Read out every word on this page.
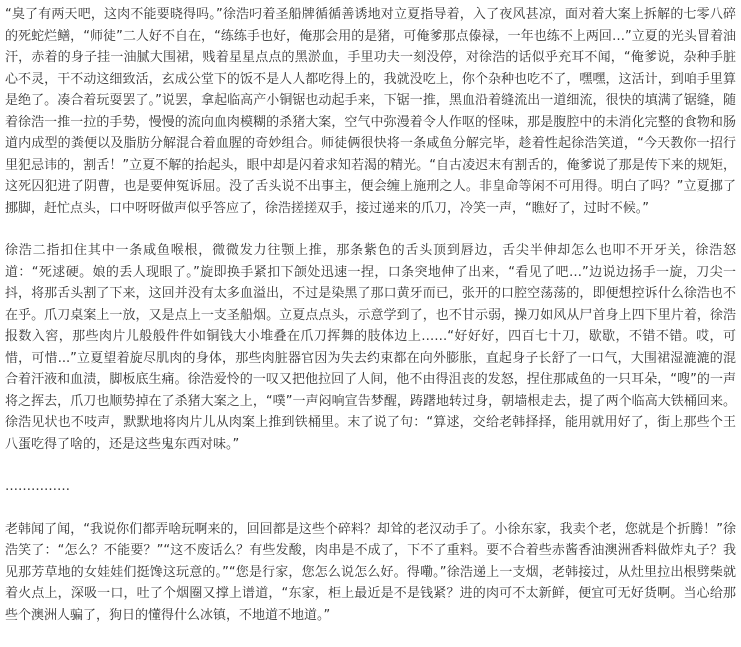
“臭了有两天吧，这肉不能要晓得吗。”徐浩叼着圣船牌循循善诱地对立夏指导着，入了夜风甚凉，面对着大案上拆解的七零八碎的死蛇烂鳝，“师徒”二人好不自在，“练练手也好，俺那会用的是猪，可俺爹那点傣禄，一年也练不上两回…”立夏的光头冒着油汗，赤着的身子挂一油腻大围裙，贱着星星点点的黑淤血，手里功夫一刻没停，对徐浩的话似乎充耳不闻，“俺爹说，杂种手脏心不灵，干不动这细致活，玄成公堂下的饭不是人人都吃得上的，我就没吃上，你个杂种也吃不了，嘿嘿，这活计，到咱手里算是绝了。凑合着玩耍罢了。”说罢，拿起临高产小铜锯也动起手来，下锯一推，黑血沿着缝流出一道细流，很快的填满了锯缝，随着徐浩一推一拉的手势，慢慢的流向血肉模糊的杀猪大案，空气中弥漫着令人作呕的怪味，那是腹腔中的未消化完整的食物和肠道内成型的粪便以及脂肪分解混合着血腥的奇妙组合。师徒俩很快将一条咸鱼分解完毕，趁着性起徐浩笑道，“今天教你一招行里犯忌讳的，割舌！”立夏不解的抬起头，眼中却是闪着求知若渴的精光。“自古凌迟末有割舌的，俺爹说了那是传下来的规矩，这死囚犯进了阴曹，也是要伸冤诉屈。没了舌头说不出事主，便会缠上施刑之人。非皇命等闲不可用得。明白了吗？”立夏挪了挪脚，赶忙点头，口中呀呀做声似乎答应了，徐浩搓搓双手，接过递来的爪刀，冷笑一声，“瞧好了，过时不候。”

徐浩二指扣住其中一条咸鱼喉根，微微发力往颚上推，那条紫色的舌头顶到唇边，舌尖半伸却怎么也叩不开牙关，徐浩怒道：“死逑硬。娘的丢人现眼了。”旋即换手紧扣下颌处迅速一捏，口条突地伸了出来，“看见了吧…”边说边扬手一旋，刀尖一抖，将那舌头割了下来，这回并没有太多血溢出，不过是染黑了那口黄牙而已，张开的口腔空荡荡的，即便想控诉什么徐浩也不在乎。爪刀桌案上一放，又是点上一支圣船烟。立夏点点头，示意学到了，也不甘示弱，操刀如风从尸首身上四下里片着，徐浩报数入窖，那些肉片儿般般件件如铜钱大小堆叠在爪刀挥舞的肢体边上……“好好好，四百七十刀，歇歇，不错不错。哎，可惜，可惜...”立夏望着旋尽肌肉的身体，那些肉脏器官因为失去约束都在向外膨胀，直起身子长舒了一口气，大围裙湿漉漉的混合着汗液和血渍，脚板底生痛。徐浩爱怜的一叹又把他拉回了人间，他不由得沮丧的发怒，捏住那咸鱼的一只耳朵，“嗖”的一声将之挥去，爪刀也顺势掉在了杀猪大案之上，“噗”一声闷响宣告梦醒，踌躇地转过身，朝墙根走去，提了两个临高大铁桶回来。徐浩见状也不吱声，默默地将肉片儿从肉案上推到铁桶里。末了说了句：“算逑，交给老韩择择，能用就用好了，街上那些个王八蛋吃得了啥的，还是这些鬼东西对味。”

……………

老韩闻了闻，“我说你们都弄啥玩啊来的，回回都是这些个碎料？却耸的老汉动手了。小徐东家，我卖个老，您就是个折腾！”徐浩笑了：“怎么？不能要？”“这不废话么？有些发酸，肉串是不成了，下不了重料。要不合着些赤酱香油澳洲香料做炸丸子？我见那芳草地的女娃娃们挺馋这玩意的。”“您是行家，您怎么说怎么好。得嘞。”徐浩递上一支烟，老韩接过，从灶里拉出根劈柴就着火点上，深吸一口，吐了个烟圈又撑上谱道，“东家，柜上最近是不是钱紧？进的肉可不太新鲜，便宜可无好货啊。当心给那些个澳洲人骗了，狗日的懂得什么冰镇，不地道不地道。”
